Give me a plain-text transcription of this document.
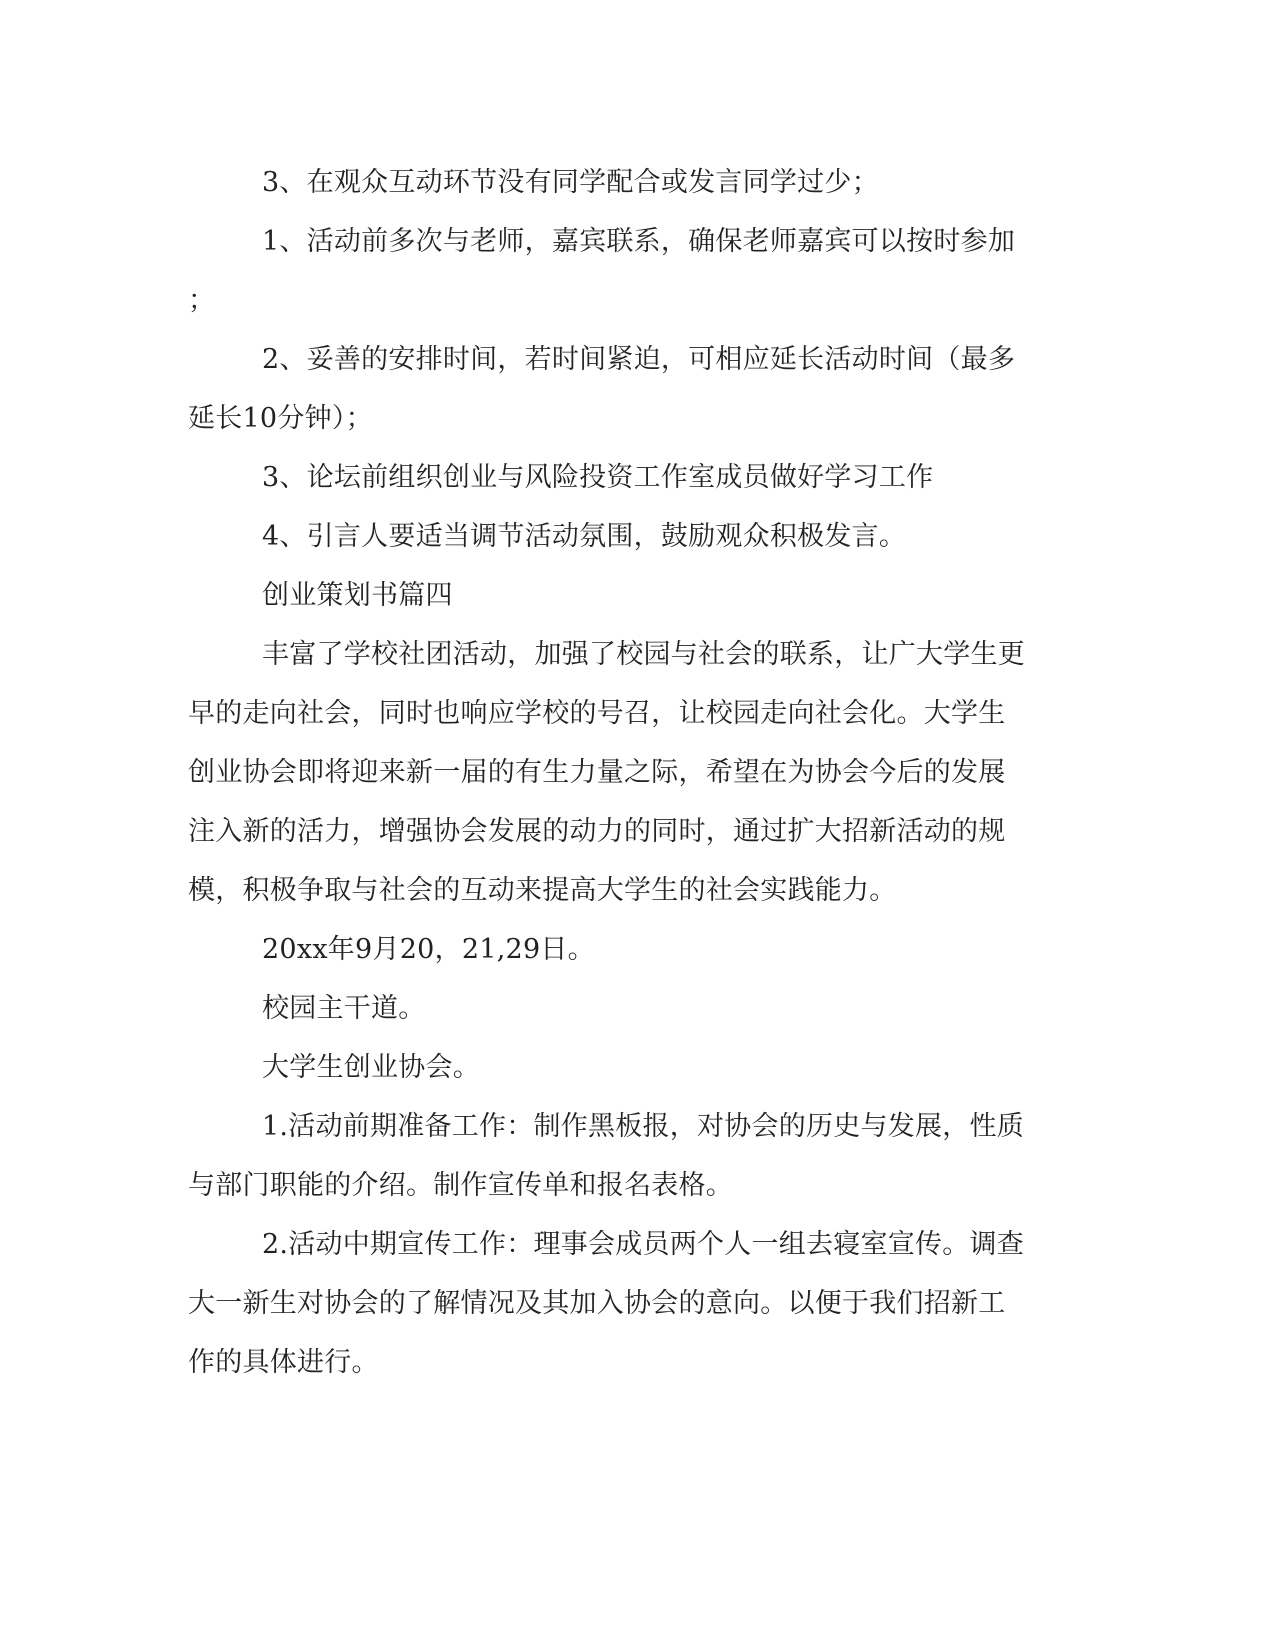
3、在观众互动环节没有同学配合或发言同学过少；

1、活动前多次与老师，嘉宾联系，确保老师嘉宾可以按时参加

；

2、妥善的安排时间，若时间紧迫，可相应延长活动时间（最多

延长10分钟）；

3、论坛前组织创业与风险投资工作室成员做好学习工作

4、引言人要适当调节活动氛围，鼓励观众积极发言。

创业策划书篇四

丰富了学校社团活动，加强了校园与社会的联系，让广大学生更

早的走向社会，同时也响应学校的号召，让校园走向社会化。大学生

创业协会即将迎来新一届的有生力量之际，希望在为协会今后的发展

注入新的活力，增强协会发展的动力的同时，通过扩大招新活动的规

模，积极争取与社会的互动来提高大学生的社会实践能力。

20xx年9月20，21,29日。

校园主干道。

大学生创业协会。

1.活动前期准备工作：制作黑板报，对协会的历史与发展，性质

与部门职能的介绍。制作宣传单和报名表格。

2.活动中期宣传工作：理事会成员两个人一组去寝室宣传。调查

大一新生对协会的了解情况及其加入协会的意向。以便于我们招新工

作的具体进行。
